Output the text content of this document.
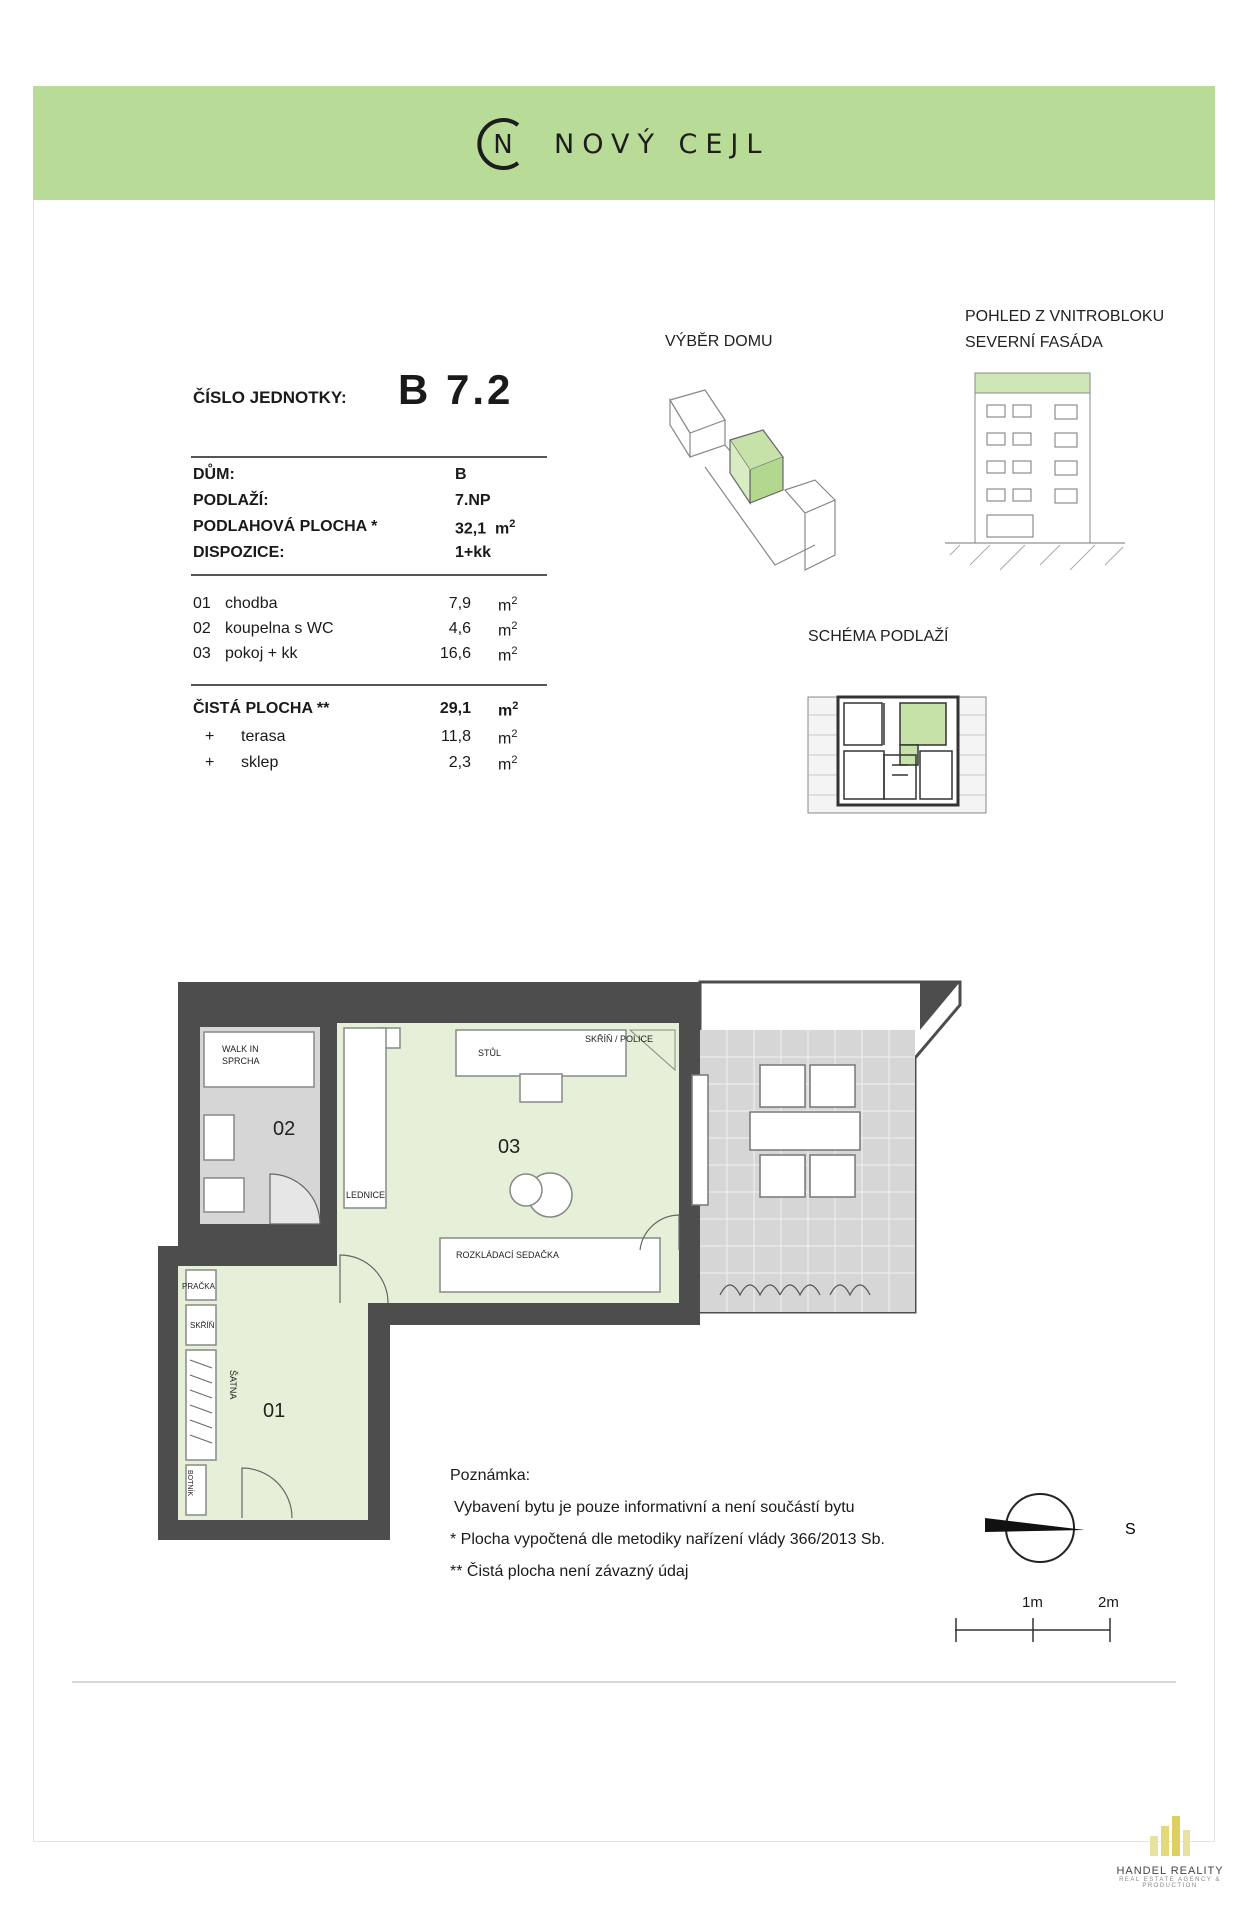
N NOVÝ CEJL
ČÍSLO JEDNOTKY: B 7.2
DŮM:	B
PODLAŽÍ:	7.NP
PODLAHOVÁ PLOCHA *	32,1 $m^2$
DISPOZICE:	1+kk
01 chodba	7,9 $m^2$
02 koupelna s WC	4,6 $m^2$
03 pokoj + kk	16,6 $m^2$
ČISTÁ PLOCHA **	29,1 $m^2$
+	terasa	11,8 $m^2$
+	sklep	2,3 $m^2$
VÝBĚR DOMU
POHLED Z VNITROBLOKU
SEVERNÍ FASÁDA
SCHÉMA PODLAŽÍ
02
03
01
WALK IN
SPRCHA
STŮL
SKŘÍŇ / POLICE
LEDNICE
ROZKLÁDACÍ SEDAČKA
PRAČKA
SKŘÍŇ
ŠATNA
BOTNÍK	Poznámka:
Vybavení bytu je pouze informativní a není součástí bytu
* Plocha vypočtená dle metodiky nařízení vlády 366/2013 Sb.
** Čistá plocha není závazný údaj
S
1m	2m
HANDEL REALITY
REAL ESTATE AGENCY & PRODUCTION
